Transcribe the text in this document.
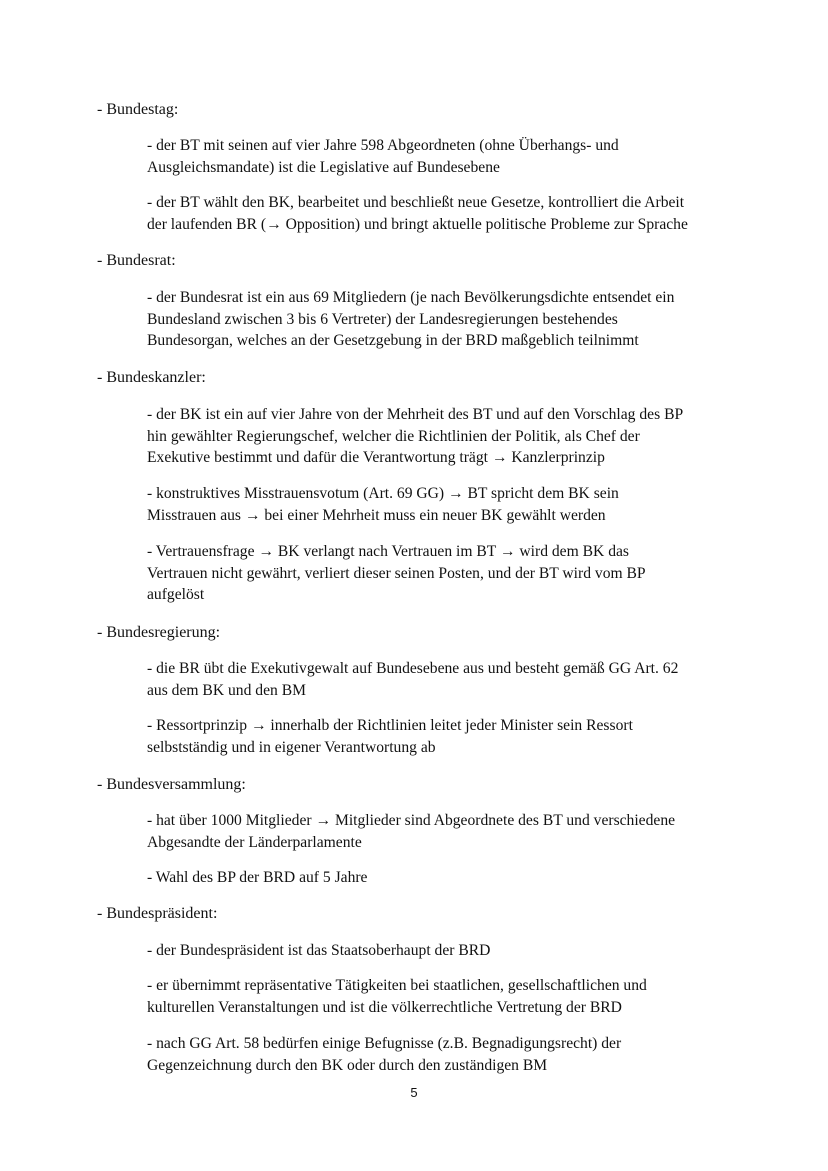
- Bundestag:
- der BT mit seinen auf vier Jahre 598 Abgeordneten (ohne Überhangs- und
Ausgleichsmandate) ist die Legislative auf Bundesebene
- der BT wählt den BK, bearbeitet und beschließt neue Gesetze, kontrolliert die Arbeit
der laufenden BR (→ Opposition) und bringt aktuelle politische Probleme zur Sprache
- Bundesrat:
- der Bundesrat ist ein aus 69 Mitgliedern (je nach Bevölkerungsdichte entsendet ein
Bundesland zwischen 3 bis 6 Vertreter) der Landesregierungen bestehendes
Bundesorgan, welches an der Gesetzgebung in der BRD maßgeblich teilnimmt
- Bundeskanzler:
- der BK ist ein auf vier Jahre von der Mehrheit des BT und auf den Vorschlag des BP
hin gewählter Regierungschef, welcher die Richtlinien der Politik, als Chef der
Exekutive bestimmt und dafür die Verantwortung trägt → Kanzlerprinzip
- konstruktives Misstrauensvotum (Art. 69 GG) → BT spricht dem BK sein
Misstrauen aus → bei einer Mehrheit muss ein neuer BK gewählt werden
- Vertrauensfrage → BK verlangt nach Vertrauen im BT → wird dem BK das
Vertrauen nicht gewährt, verliert dieser seinen Posten, und der BT wird vom BP
aufgelöst
- Bundesregierung:
- die BR übt die Exekutivgewalt auf Bundesebene aus und besteht gemäß GG Art. 62
aus dem BK und den BM
- Ressortprinzip → innerhalb der Richtlinien leitet jeder Minister sein Ressort
selbstständig und in eigener Verantwortung ab
- Bundesversammlung:
- hat über 1000 Mitglieder → Mitglieder sind Abgeordnete des BT und verschiedene
Abgesandte der Länderparlamente
- Wahl des BP der BRD auf 5 Jahre
- Bundespräsident:
- der Bundespräsident ist das Staatsoberhaupt der BRD
- er übernimmt repräsentative Tätigkeiten bei staatlichen, gesellschaftlichen und
kulturellen Veranstaltungen und ist die völkerrechtliche Vertretung der BRD
- nach GG Art. 58 bedürfen einige Befugnisse (z.B. Begnadigungsrecht) der
Gegenzeichnung durch den BK oder durch den zuständigen BM
5
